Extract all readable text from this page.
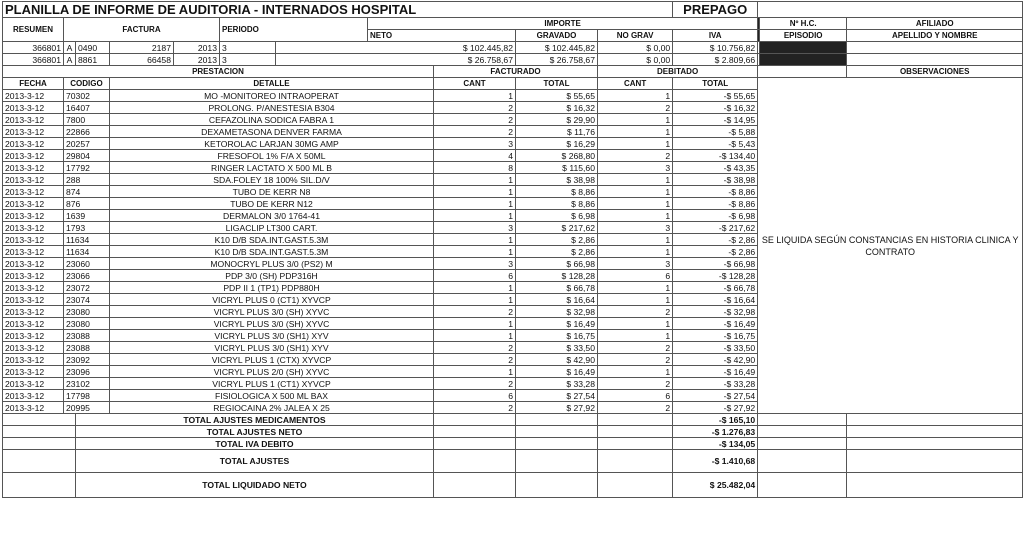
PLANILLA DE INFORME DE AUDITORIA - INTERNADOS HOSPITAL											PREPAGO				
RESUMEN	FACTURA				PERIODO		IMPORTE						Nº H.C.	AFILIADO	
							NETO		GRAVADO	NO GRAV	IVA		EPISODIO	APELLIDO Y NOMBRE	
366801	A	0490	2187	2013	3	$ 102.445,82			$ 102.445,82	$ 0,00	$ 10.756,82				
366801	A	8861	66458	2013	3	$ 26.758,67			$ 26.758,67	$ 0,00	$ 2.809,66				
PRESTACION								FACTURADO		DEBITADO				OBSERVACIONES	
FECHA	CODIGO		DETALLE					CANT	TOTAL	CANT	TOTAL	SE LIQUIDA SEGÚN CONSTANCIAS EN HISTORIA CLINICA Y CONTRATO			
2013-3-12	70302		MO -MONITOREO INTRAOPERAT					1	$ 55,65	1	-$ 55,65				
2013-3-12	16407		PROLONG. P/ANESTESIA B304					2	$ 16,32	2	-$ 16,32				
2013-3-12	7800		CEFAZOLINA SODICA FABRA 1					2	$ 29,90	1	-$ 14,95				
2013-3-12	22866		DEXAMETASONA DENVER FARMA					2	$ 11,76	1	-$ 5,88				
2013-3-12	20257		KETOROLAC LARJAN 30MG AMP					3	$ 16,29	1	-$ 5,43				
2013-3-12	29804		FRESOFOL 1% F/A X 50ML					4	$ 268,80	2	-$ 134,40				
2013-3-12	17792		RINGER LACTATO X 500 ML B					8	$ 115,60	3	-$ 43,35				
2013-3-12	288		SDA.FOLEY 18 100% SIL.D/V					1	$ 38,98	1	-$ 38,98				
2013-3-12	874		TUBO DE KERR N8					1	$ 8,86	1	-$ 8,86				
2013-3-12	876		TUBO DE KERR N12					1	$ 8,86	1	-$ 8,86				
2013-3-12	1639		DERMALON 3/0 1764-41					1	$ 6,98	1	-$ 6,98				
2013-3-12	1793		LIGACLIP LT300 CART.					3	$ 217,62	3	-$ 217,62				
2013-3-12	11634		K10 D/B SDA.INT.GAST.5.3M					1	$ 2,86	1	-$ 2,86				
2013-3-12	11634		K10 D/B SDA.INT.GAST.5.3M					1	$ 2,86	1	-$ 2,86				
2013-3-12	23060		MONOCRYL PLUS 3/0 (PS2) M					3	$ 66,98	3	-$ 66,98				
2013-3-12	23066		PDP 3/0 (SH) PDP316H					6	$ 128,28	6	-$ 128,28				
2013-3-12	23072		PDP II 1 (TP1) PDP880H					1	$ 66,78	1	-$ 66,78				
2013-3-12	23074		VICRYL PLUS 0 (CT1) XYVCP					1	$ 16,64	1	-$ 16,64				
2013-3-12	23080		VICRYL PLUS 3/0 (SH) XYVC					2	$ 32,98	2	-$ 32,98				
2013-3-12	23080		VICRYL PLUS 3/0 (SH) XYVC					1	$ 16,49	1	-$ 16,49				
2013-3-12	23088		VICRYL PLUS 3/0 (SH1) XYV					1	$ 16,75	1	-$ 16,75				
2013-3-12	23088		VICRYL PLUS 3/0 (SH1) XYV					2	$ 33,50	2	-$ 33,50				
2013-3-12	23092		VICRYL PLUS 1 (CTX) XYVCP					2	$ 42,90	2	-$ 42,90				
2013-3-12	23096		VICRYL PLUS 2/0 (SH) XYVC					1	$ 16,49	1	-$ 16,49				
2013-3-12	23102		VICRYL PLUS 1 (CT1) XYVCP					2	$ 33,28	2	-$ 33,28				
2013-3-12	17798		FISIOLOGICA X 500 ML BAX					6	$ 27,54	6	-$ 27,54				
2013-3-12	20995		REGIOCAINA 2% JALEA X 25					2	$ 27,92	2	-$ 27,92				
		TOTAL AJUSTES MEDICAMENTOS									-$ 165,10				
		TOTAL AJUSTES NETO									-$ 1.276,83				
		TOTAL IVA DEBITO									-$ 134,05				
		TOTAL AJUSTES									-$ 1.410,68				
		TOTAL LIQUIDADO NETO									$ 25.482,04				
